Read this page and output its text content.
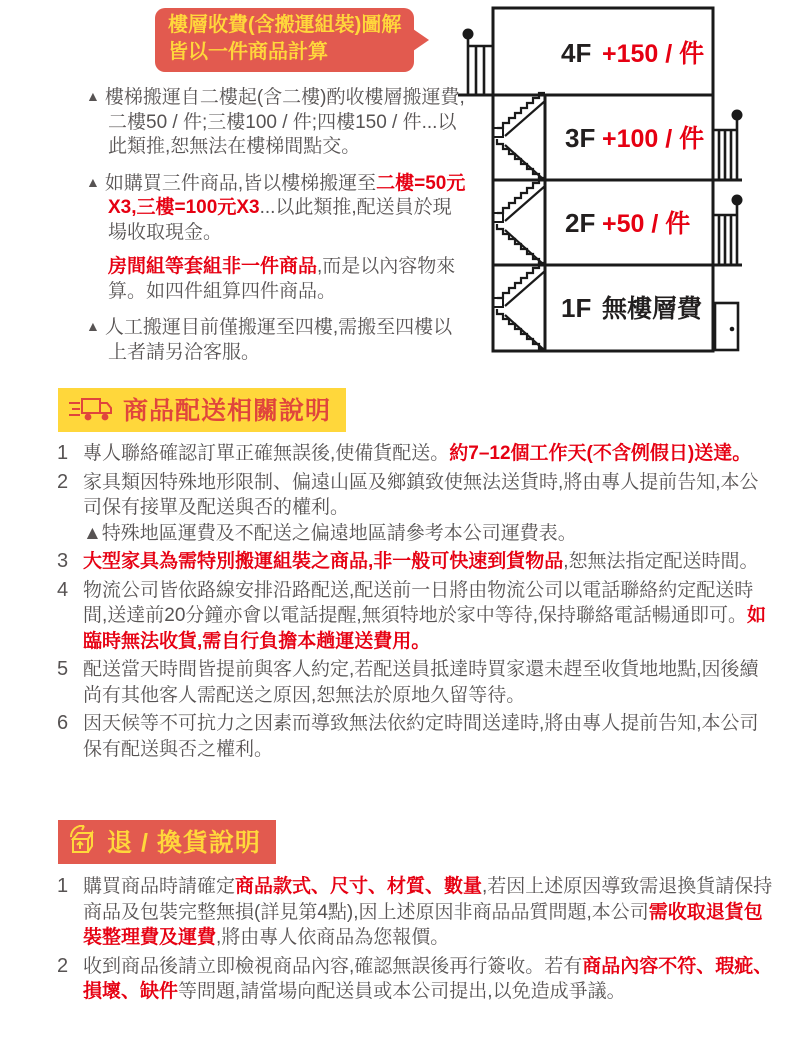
樓層收費(含搬運組裝)圖解
皆以一件商品計算

▲ 樓梯搬運自二樓起(含二樓)酌收樓層搬運費,二樓50 / 件;三樓100 / 件;四樓150 / 件...以此類推,恕無法在樓梯間點交。

▲ 如購買三件商品,皆以樓梯搬運至二樓=50元X3,三樓=100元X3...以此類推,配送員於現場收取現金。

房間組等套組非一件商品,而是以內容物來算。如四件組算四件商品。

▲ 人工搬運目前僅搬運至四樓,需搬至四樓以上者請另洽客服。

4F +150 / 件
3F +100 / 件
2F +50 / 件
1F 無樓層費
商品配送相關說明
1 專人聯絡確認訂單正確無誤後,使備貨配送。約7–12個工作天(不含例假日)送達。

2 家具類因特殊地形限制、偏遠山區及鄉鎮致使無法送貨時,將由專人提前告知,本公司保有接單及配送與否的權利。
▲特殊地區運費及不配送之偏遠地區請參考本公司運費表。

3 大型家具為需特別搬運組裝之商品,非一般可快速到貨物品,恕無法指定配送時間。

4 物流公司皆依路線安排沿路配送,配送前一日將由物流公司以電話聯絡約定配送時間,送達前20分鐘亦會以電話提醒,無須特地於家中等待,保持聯絡電話暢通即可。如臨時無法收貨,需自行負擔本趟運送費用。

5 配送當天時間皆提前與客人約定,若配送員抵達時買家還未趕至收貨地地點,因後續尚有其他客人需配送之原因,恕無法於原地久留等待。

6 因天候等不可抗力之因素而導致無法依約定時間送達時,將由專人提前告知,本公司保有配送與否之權利。

退 / 換貨說明
1 購買商品時請確定商品款式、尺寸、材質、數量,若因上述原因導致需退換貨請保持商品及包裝完整無損(詳見第4點),因上述原因非商品品質問題,本公司需收取退貨包裝整理費及運費,將由專人依商品為您報價。

2 收到商品後請立即檢視商品內容,確認無誤後再行簽收。若有商品內容不符、瑕疵、損壞、缺件等問題,請當場向配送員或本公司提出,以免造成爭議。
